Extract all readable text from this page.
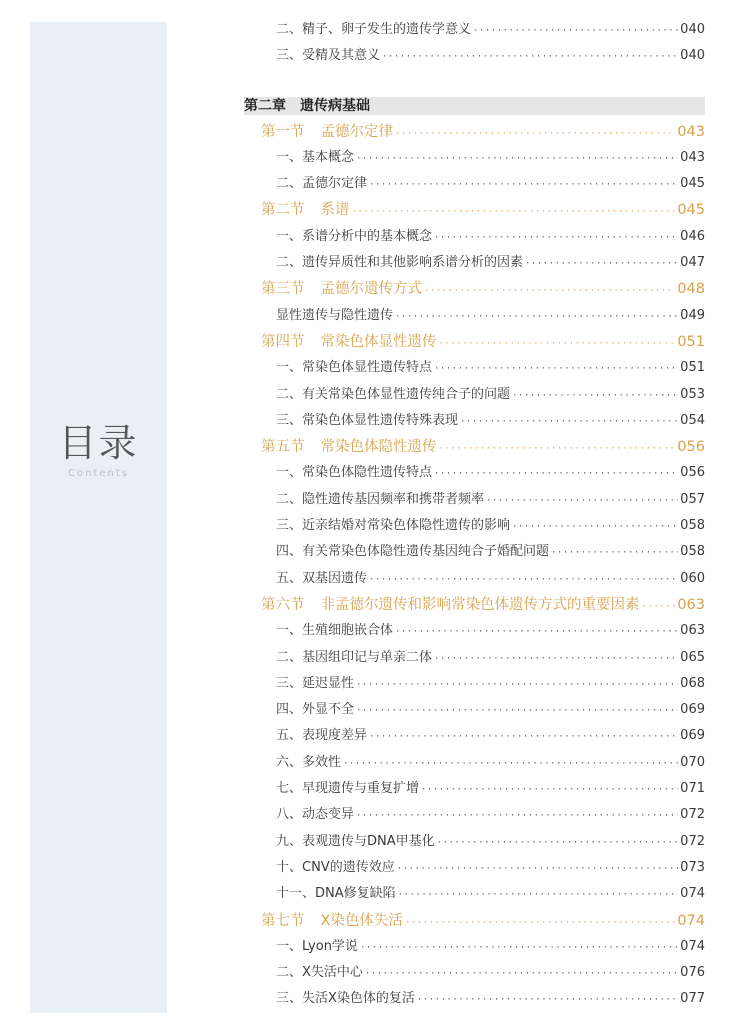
目录
Contents
二、精子、卵子发生的遗传学意义 ·····	040
三、受精及其意义 ·····	040
第二章 遗传病基础
第一节 孟德尔定律 ·····	043
一、基本概念 ·····	043
二、孟德尔定律 ·····	045
第二节 系谱 ·····	045
一、系谱分析中的基本概念 ·····	046
二、遗传异质性和其他影响系谱分析的因素 ·····	047
第三节 孟德尔遗传方式 ·····	048
显性遗传与隐性遗传 ·····	049
第四节 常染色体显性遗传 ·····	051
一、常染色体显性遗传特点 ·····	051
二、有关常染色体显性遗传纯合子的问题 ·····	053
三、常染色体显性遗传特殊表现 ·····	054
第五节 常染色体隐性遗传 ·····	056
一、常染色体隐性遗传特点 ·····	056
二、隐性遗传基因频率和携带者频率 ·····	057
三、近亲结婚对常染色体隐性遗传的影响 ·····	058
四、有关常染色体隐性遗传基因纯合子婚配问题 ·····	058
五、双基因遗传 ·····	060
第六节 非孟德尔遗传和影响常染色体遗传方式的重要因素 ·····	063
一、生殖细胞嵌合体 ·····	063
二、基因组印记与单亲二体 ·····	065
三、延迟显性 ·····	068
四、外显不全 ·····	069
五、表现度差异 ·····	069
六、多效性 ·····	070
七、早现遗传与重复扩增 ·····	071
八、动态变异 ·····	072
九、表观遗传与DNA甲基化 ·····	072
十、CNV的遗传效应 ·····	073
十一、DNA修复缺陷 ·····	074
第七节 X染色体失活 ·····	074
一、Lyon学说 ·····	074
二、X失活中心 ·····	076
三、失活X染色体的复活 ·····	077
